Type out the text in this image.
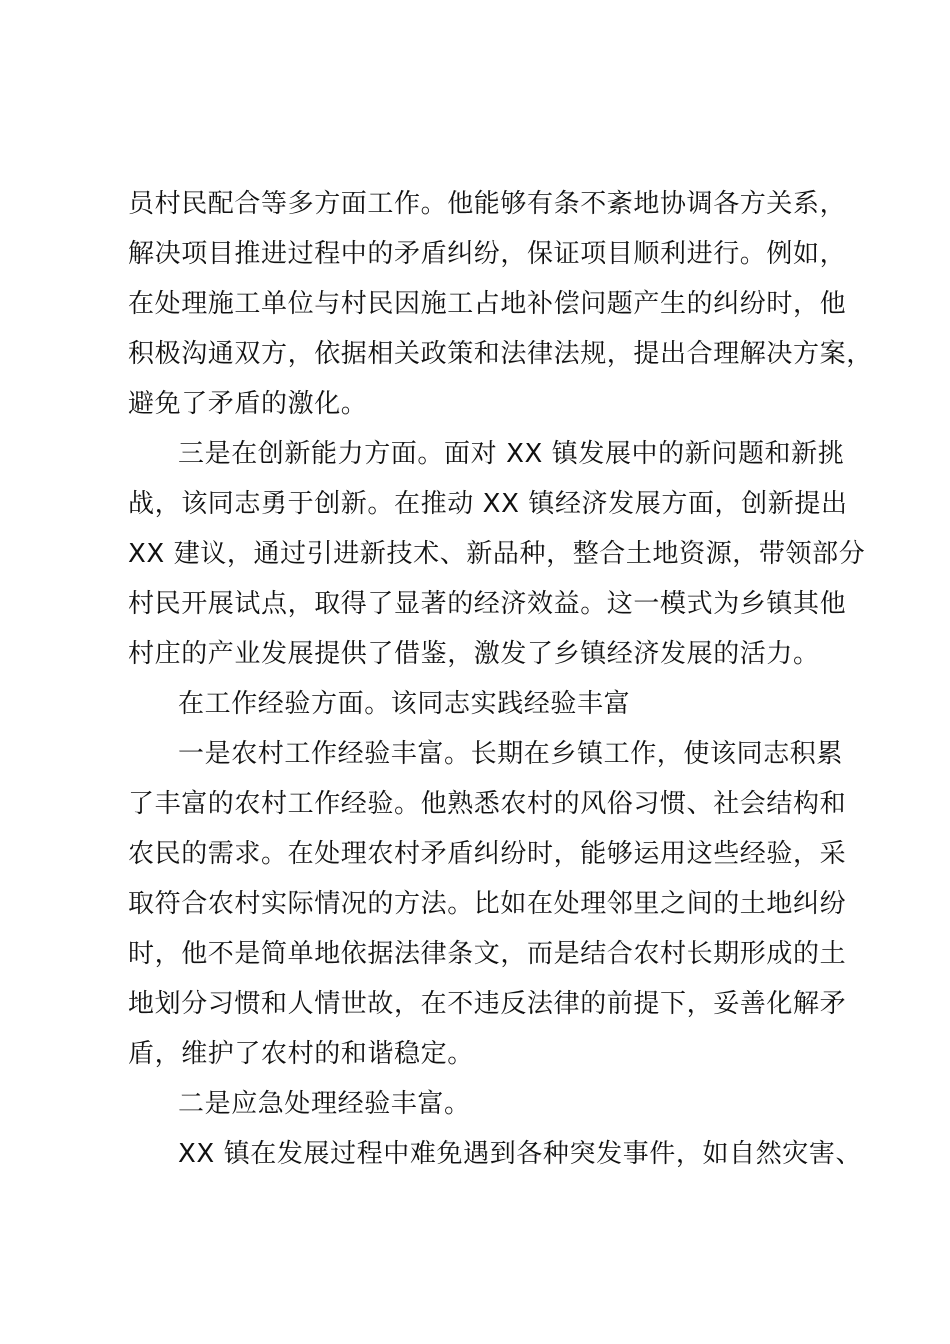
员村民配合等多方面工作。他能够有条不紊地协调各方关系，
解决项目推进过程中的矛盾纠纷，保证项目顺利进行。例如，
在处理施工单位与村民因施工占地补偿问题产生的纠纷时，他
积极沟通双方，依据相关政策和法律法规，提出合理解决方案，
避免了矛盾的激化。
三是在创新能力方面。面对 XX 镇发展中的新问题和新挑
战，该同志勇于创新。在推动 XX 镇经济发展方面，创新提出
XX 建议，通过引进新技术、新品种，整合土地资源，带领部分
村民开展试点，取得了显著的经济效益。这一模式为乡镇其他
村庄的产业发展提供了借鉴，激发了乡镇经济发展的活力。
在工作经验方面。该同志实践经验丰富
一是农村工作经验丰富。长期在乡镇工作，使该同志积累
了丰富的农村工作经验。他熟悉农村的风俗习惯、社会结构和
农民的需求。在处理农村矛盾纠纷时，能够运用这些经验，采
取符合农村实际情况的方法。比如在处理邻里之间的土地纠纷
时，他不是简单地依据法律条文，而是结合农村长期形成的土
地划分习惯和人情世故，在不违反法律的前提下，妥善化解矛
盾，维护了农村的和谐稳定。
二是应急处理经验丰富。
XX 镇在发展过程中难免遇到各种突发事件，如自然灾害、
